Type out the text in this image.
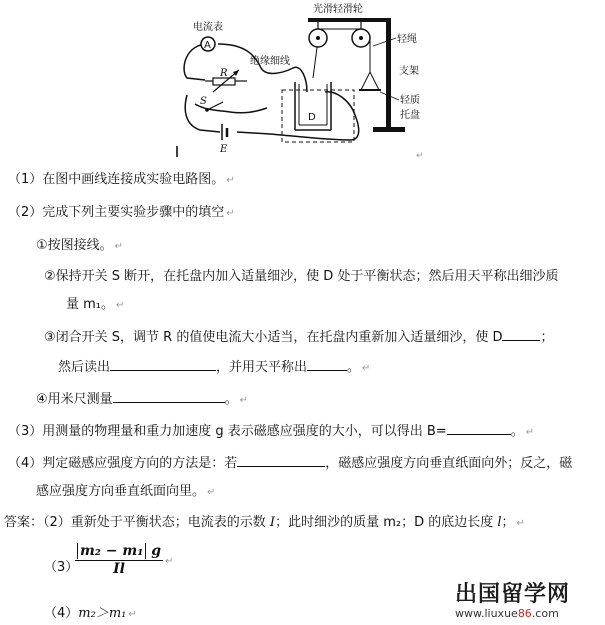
A
电流表
R
S
E
D
绝缘细线
光滑轻滑轮
轻绳
支架
轻质
托盘
↵
（1）在图中画线连接成实验电路图。 ↵
（2）完成下列主要实验步骤中的填空 ↵
①按图接线。 ↵
②保持开关 S 断开，在托盘内加入适量细沙，使 D 处于平衡状态；然后用天平称出细沙质
量 m₁。 ↵
③闭合开关 S，调节 R 的值使电流大小适当，在托盘内重新加入适量细沙，使 D	；
然后读出	，并用天平称出	。 ↵
④用米尺测量	。 ↵
（3）用测量的物理量和重力加速度 g 表示磁感应强度的大小，可以得出 B=	。 ↵
（4）判定磁感应强度方向的方法是：若	，磁感应强度方向垂直纸面向外；反之，磁
感应强度方向垂直纸面向里。 ↵
答案：（2）重新处于平衡状态；电流表的示数 I；此时细沙的质量 m₂；D 的底边长度 l； ↵
（3）
$\frac{\text{m₂ − m₁ g}}{Il}$ ↵
（4）m₂＞m₁ ↵
出国留学网
www.liuxue86.com
